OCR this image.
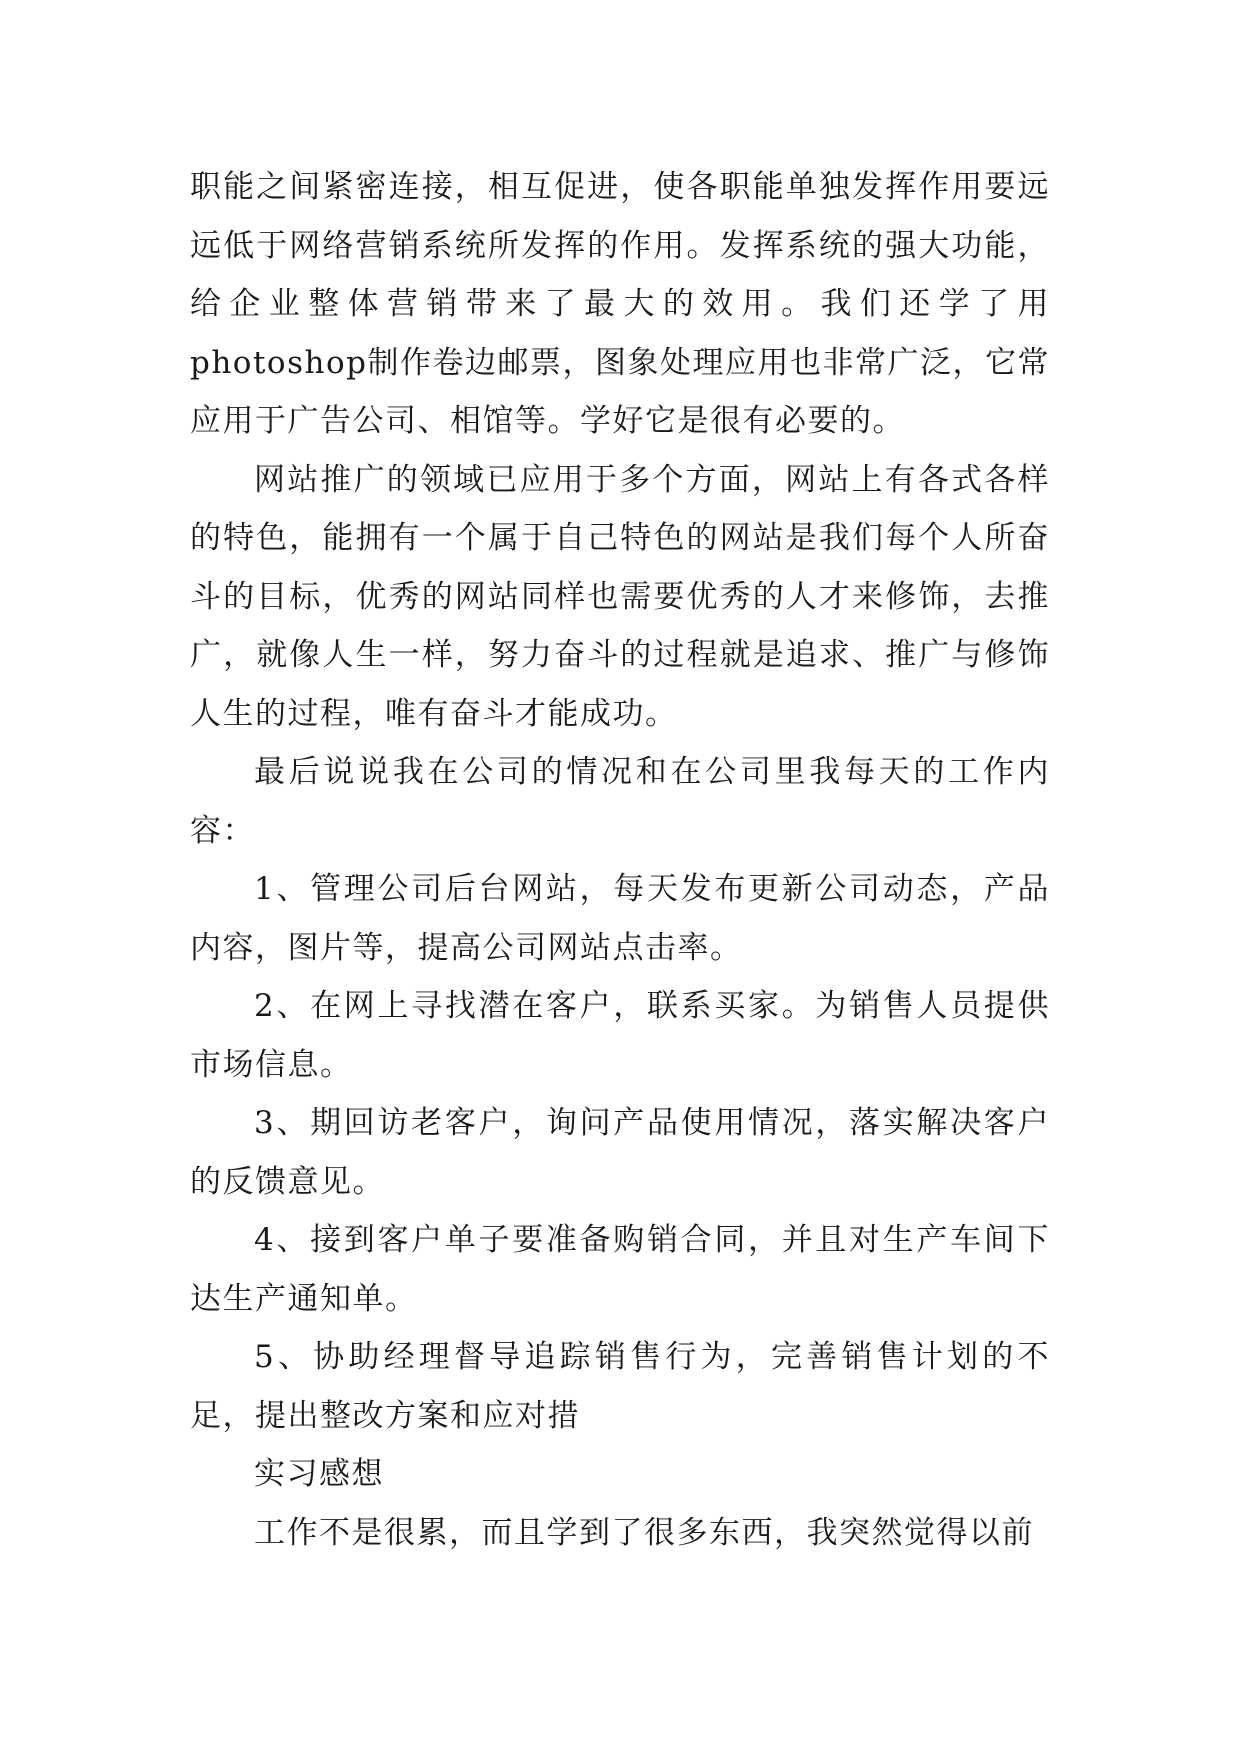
职能之间紧密连接，相互促进，使各职能单独发挥作用要远远低于网络营销系统所发挥的作用。发挥系统的强大功能，给企业整体营销带来了最大的效用。我们还学了用photoshop制作卷边邮票，图象处理应用也非常广泛，它常应用于广告公司、相馆等。学好它是很有必要的。

网站推广的领域已应用于多个方面，网站上有各式各样的特色，能拥有一个属于自己特色的网站是我们每个人所奋斗的目标，优秀的网站同样也需要优秀的人才来修饰，去推广，就像人生一样，努力奋斗的过程就是追求、推广与修饰人生的过程，唯有奋斗才能成功。

最后说说我在公司的情况和在公司里我每天的工作内容：

1、管理公司后台网站，每天发布更新公司动态，产品内容，图片等，提高公司网站点击率。

2、在网上寻找潜在客户，联系买家。为销售人员提供市场信息。

3、期回访老客户，询问产品使用情况，落实解决客户的反馈意见。

4、接到客户单子要准备购销合同，并且对生产车间下达生产通知单。

5、协助经理督导追踪销售行为，完善销售计划的不足，提出整改方案和应对措

实习感想

工作不是很累，而且学到了很多东西，我突然觉得以前
